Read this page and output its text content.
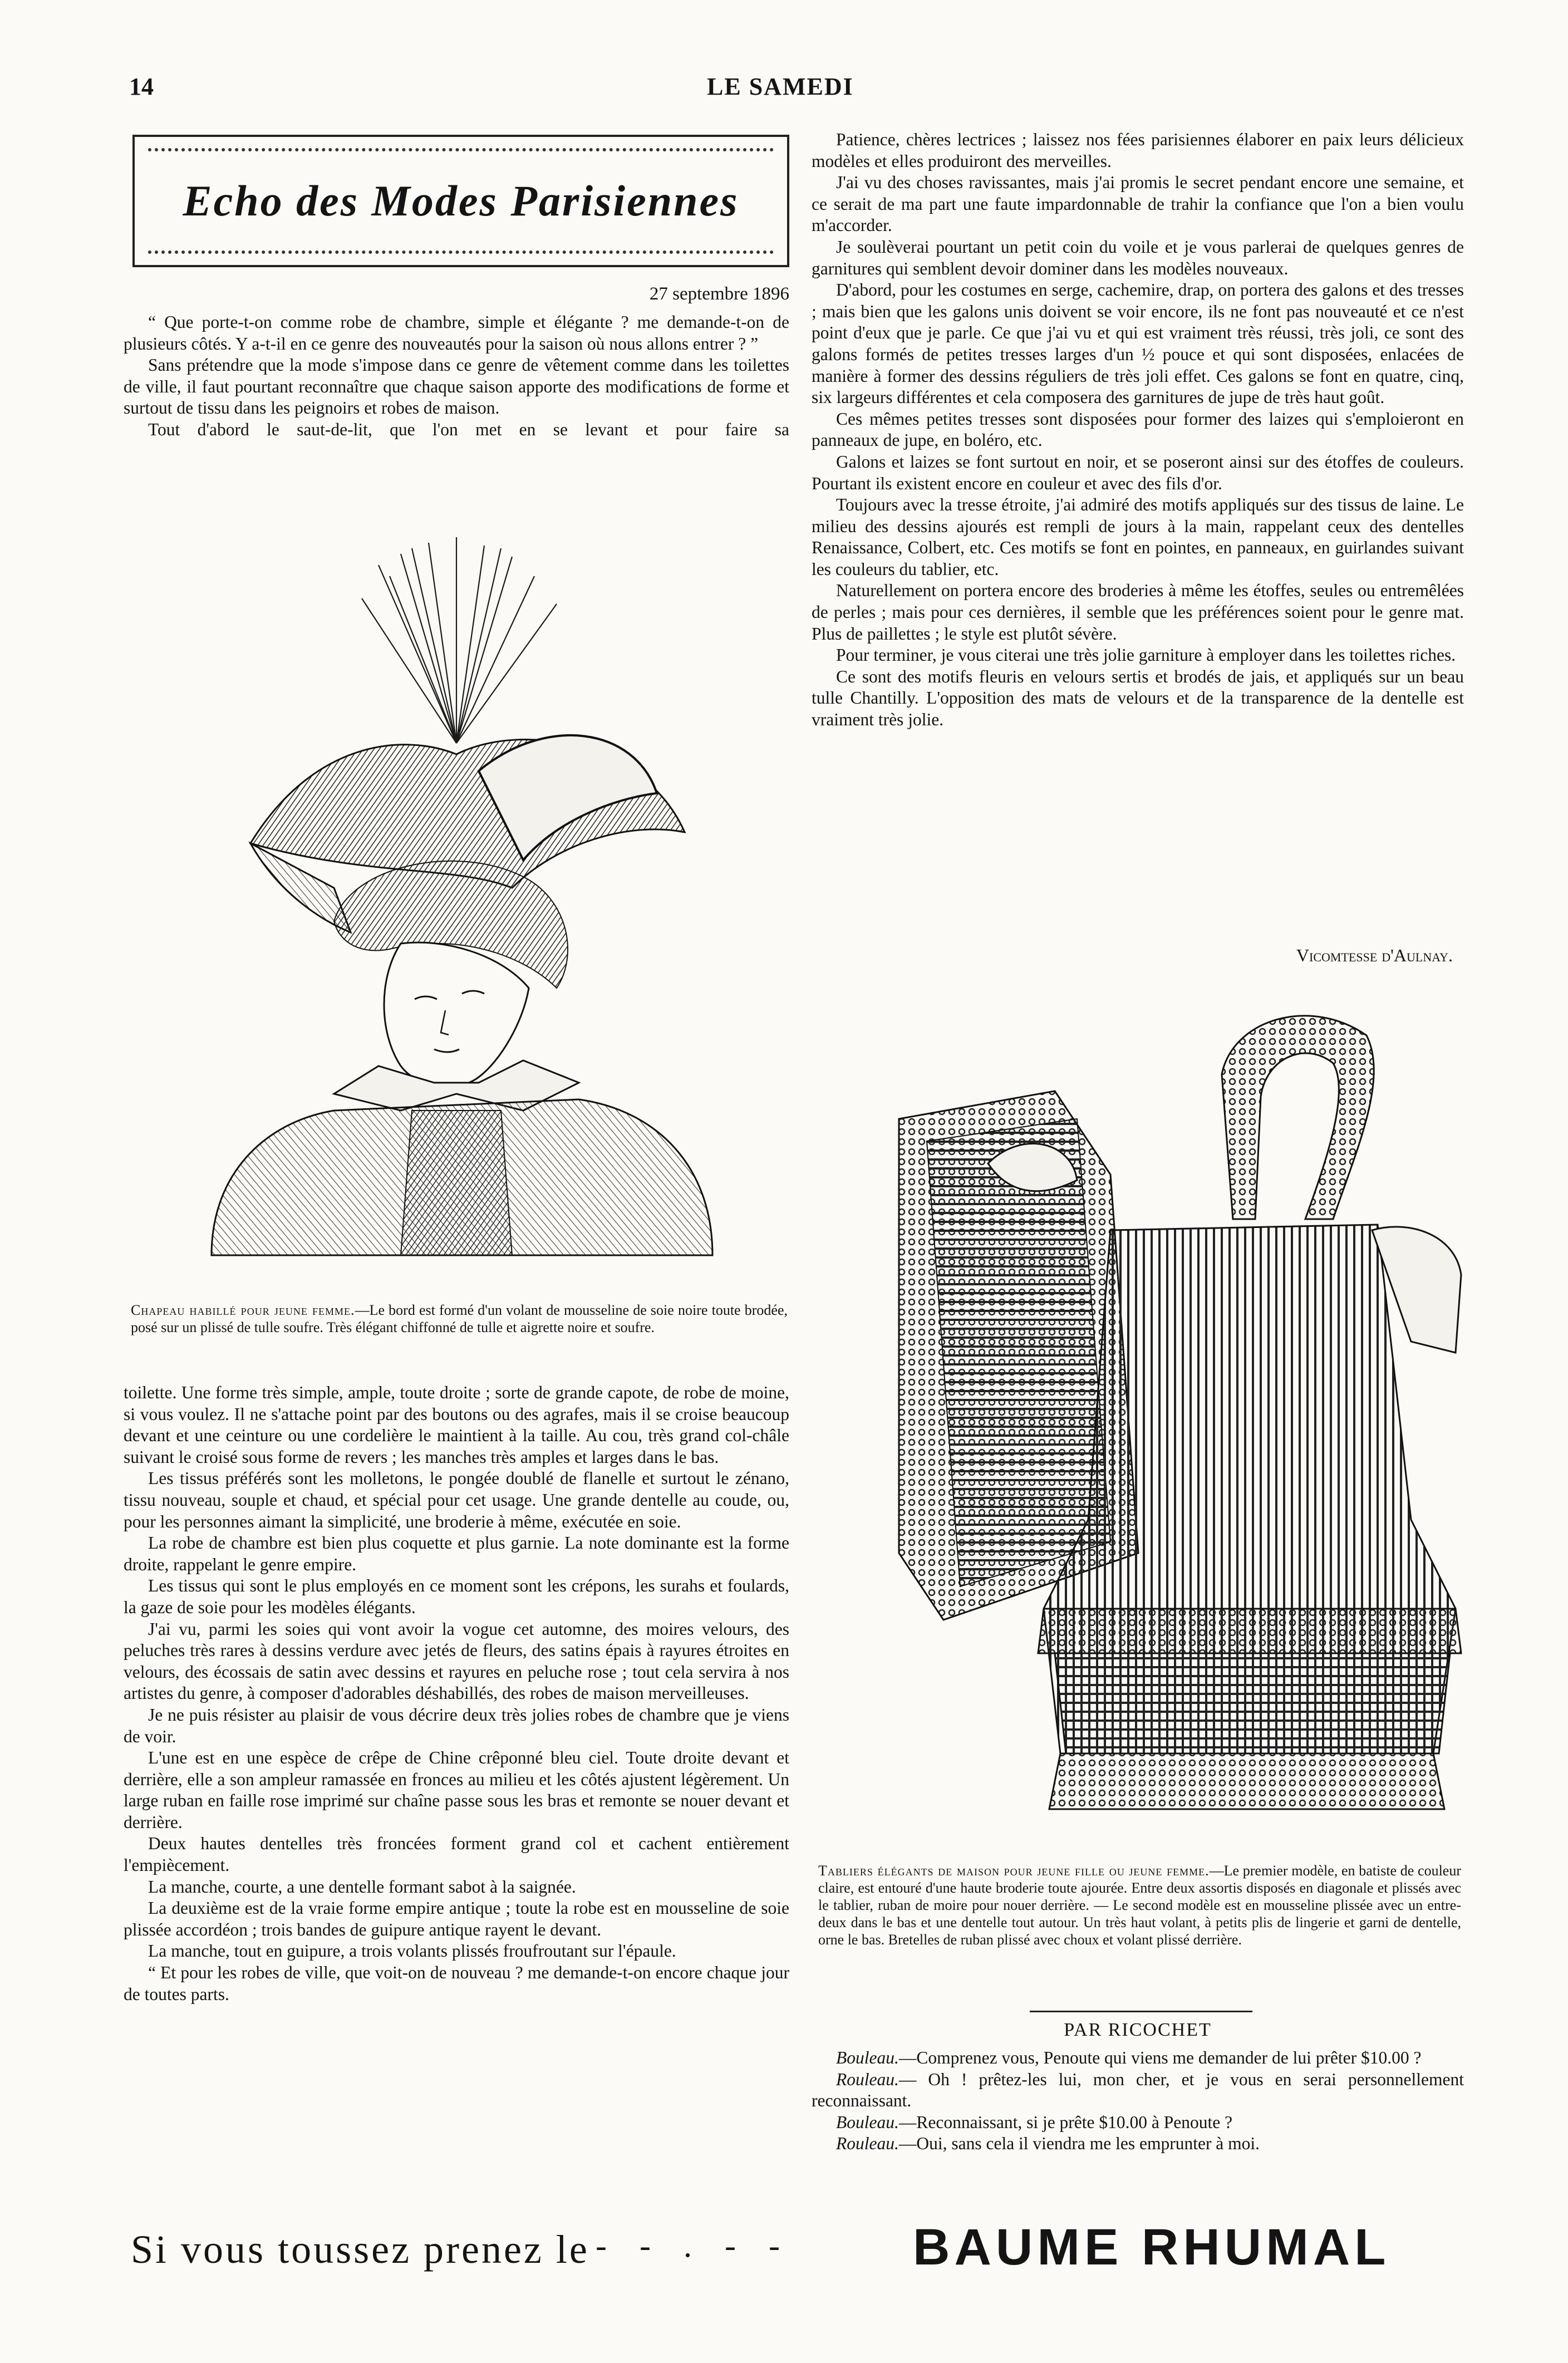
14	LE SAMEDI
Echo des Modes Parisiennes
27 septembre 1896

“ Que porte-t-on comme robe de chambre, simple et élégante ? me demande-t-on de plusieurs côtés. Y a-t-il en ce genre des nouveautés pour la saison où nous allons entrer ? ”

Sans prétendre que la mode s'impose dans ce genre de vêtement comme dans les toilettes de ville, il faut pourtant reconnaître que chaque saison apporte des modifications de forme et surtout de tissu dans les peignoirs et robes de maison.

Tout d'abord le saut-de-lit, que l'on met en se levant et pour faire sa

Chapeau habillé pour jeune femme.—Le bord est formé d'un volant de mousseline de soie noire toute brodée, posé sur un plissé de tulle soufre. Très élégant chiffonné de tulle et aigrette noire et soufre.

toilette. Une forme très simple, ample, toute droite ; sorte de grande capote, de robe de moine, si vous voulez. Il ne s'attache point par des boutons ou des agrafes, mais il se croise beaucoup devant et une ceinture ou une cordelière le maintient à la taille. Au cou, très grand col-châle suivant le croisé sous forme de revers ; les manches très amples et larges dans le bas.

Les tissus préférés sont les molletons, le pongée doublé de flanelle et surtout le zénano, tissu nouveau, souple et chaud, et spécial pour cet usage. Une grande dentelle au coude, ou, pour les personnes aimant la simplicité, une broderie à même, exécutée en soie.

La robe de chambre est bien plus coquette et plus garnie. La note dominante est la forme droite, rappelant le genre empire.

Les tissus qui sont le plus employés en ce moment sont les crépons, les surahs et foulards, la gaze de soie pour les modèles élégants.

J'ai vu, parmi les soies qui vont avoir la vogue cet automne, des moires velours, des peluches très rares à dessins verdure avec jetés de fleurs, des satins épais à rayures étroites en velours, des écossais de satin avec dessins et rayures en peluche rose ; tout cela servira à nos artistes du genre, à composer d'adorables déshabillés, des robes de maison merveilleuses.

Je ne puis résister au plaisir de vous décrire deux très jolies robes de chambre que je viens de voir.

L'une est en une espèce de crêpe de Chine crêponné bleu ciel. Toute droite devant et derrière, elle a son ampleur ramassée en fronces au milieu et les côtés ajustent légèrement. Un large ruban en faille rose imprimé sur chaîne passe sous les bras et remonte se nouer devant et derrière.

Deux hautes dentelles très froncées forment grand col et cachent entièrement l'empiècement.

La manche, courte, a une dentelle formant sabot à la saignée.

La deuxième est de la vraie forme empire antique ; toute la robe est en mousseline de soie plissée accordéon ; trois bandes de guipure antique rayent le devant.

La manche, tout en guipure, a trois volants plissés froufroutant sur l'épaule.

“ Et pour les robes de ville, que voit-on de nouveau ? me demande-t-on encore chaque jour de toutes parts.

Patience, chères lectrices ; laissez nos fées parisiennes élaborer en paix leurs délicieux modèles et elles produiront des merveilles.

J'ai vu des choses ravissantes, mais j'ai promis le secret pendant encore une semaine, et ce serait de ma part une faute impardonnable de trahir la confiance que l'on a bien voulu m'accorder.

Je soulèverai pourtant un petit coin du voile et je vous parlerai de quelques genres de garnitures qui semblent devoir dominer dans les modèles nouveaux.

D'abord, pour les costumes en serge, cachemire, drap, on portera des galons et des tresses ; mais bien que les galons unis doivent se voir encore, ils ne font pas nouveauté et ce n'est point d'eux que je parle. Ce que j'ai vu et qui est vraiment très réussi, très joli, ce sont des galons formés de petites tresses larges d'un ½ pouce et qui sont disposées, enlacées de manière à former des dessins réguliers de très joli effet. Ces galons se font en quatre, cinq, six largeurs différentes et cela composera des garnitures de jupe de très haut goût.

Ces mêmes petites tresses sont disposées pour former des laizes qui s'emploieront en panneaux de jupe, en boléro, etc.

Galons et laizes se font surtout en noir, et se poseront ainsi sur des étoffes de couleurs. Pourtant ils existent encore en couleur et avec des fils d'or.

Toujours avec la tresse étroite, j'ai admiré des motifs appliqués sur des tissus de laine. Le milieu des dessins ajourés est rempli de jours à la main, rappelant ceux des dentelles Renaissance, Colbert, etc. Ces motifs se font en pointes, en panneaux, en guirlandes suivant les couleurs du tablier, etc.

Naturellement on portera encore des broderies à même les étoffes, seules ou entremêlées de perles ; mais pour ces dernières, il semble que les préférences soient pour le genre mat. Plus de paillettes ; le style est plutôt sévère.

Pour terminer, je vous citerai une très jolie garniture à employer dans les toilettes riches.

Ce sont des motifs fleuris en velours sertis et brodés de jais, et appliqués sur un beau tulle Chantilly. L'opposition des mats de velours et de la transparence de la dentelle est vraiment très jolie.

Vicomtesse d'Aulnay.
Tabliers élégants de maison pour jeune fille ou jeune femme.—Le premier modèle, en batiste de couleur claire, est entouré d'une haute broderie toute ajourée. Entre deux assortis disposés en diagonale et plissés avec le tablier, ruban de moire pour nouer derrière. — Le second modèle est en mousseline plissée avec un entre-deux dans le bas et une dentelle tout autour. Un très haut volant, à petits plis de lingerie et garni de dentelle, orne le bas. Bretelles de ruban plissé avec choux et volant plissé derrière.
PAR RICOCHET

Bouleau.—Comprenez vous, Penoute qui viens me demander de lui prêter $10.00 ?

Rouleau.— Oh ! prêtez-les lui, mon cher, et je vous en serai personnellement reconnaissant.

Bouleau.—Reconnaissant, si je prête $10.00 à Penoute ?

Rouleau.—Oui, sans cela il viendra me les emprunter à moi.

Si vous toussez prenez le - - . - - BAUME RHUMAL
